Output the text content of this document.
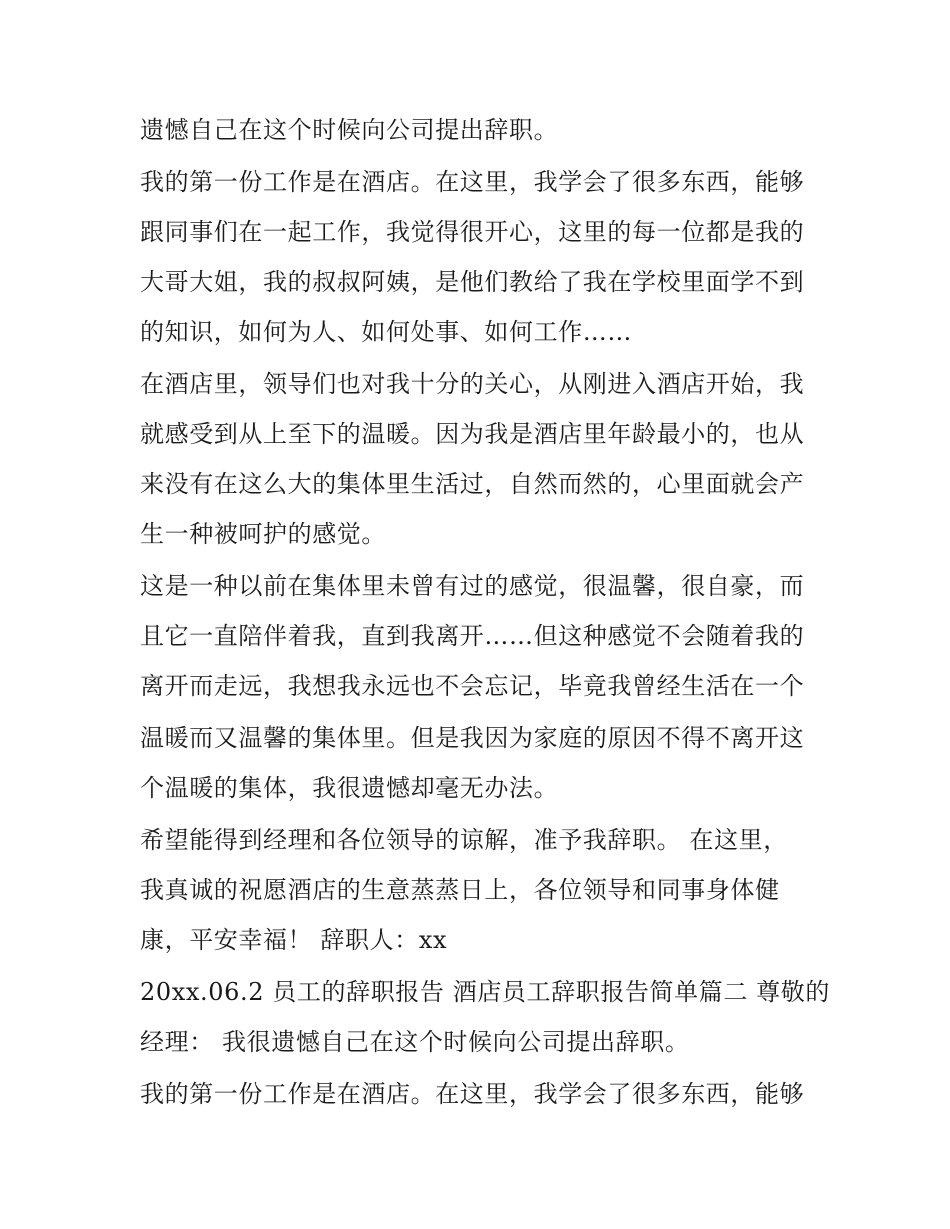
遗憾自己在这个时候向公司提出辞职。
我的第一份工作是在酒店。在这里，我学会了很多东西，能够
跟同事们在一起工作，我觉得很开心，这里的每一位都是我的
大哥大姐，我的叔叔阿姨，是他们教给了我在学校里面学不到
的知识，如何为人、如何处事、如何工作……
在酒店里，领导们也对我十分的关心，从刚进入酒店开始，我
就感受到从上至下的温暖。因为我是酒店里年龄最小的，也从
来没有在这么大的集体里生活过，自然而然的，心里面就会产
生一种被呵护的感觉。
这是一种以前在集体里未曾有过的感觉，很温馨，很自豪，而
且它一直陪伴着我，直到我离开……但这种感觉不会随着我的
离开而走远，我想我永远也不会忘记，毕竟我曾经生活在一个
温暖而又温馨的集体里。但是我因为家庭的原因不得不离开这
个温暖的集体，我很遗憾却毫无办法。
希望能得到经理和各位领导的谅解，准予我辞职。 在这里，
我真诚的祝愿酒店的生意蒸蒸日上，各位领导和同事身体健
康，平安幸福！ 辞职人：xx
20xx.06.2 员工的辞职报告 酒店员工辞职报告简单篇二 尊敬的
经理： 我很遗憾自己在这个时候向公司提出辞职。
我的第一份工作是在酒店。在这里，我学会了很多东西，能够
